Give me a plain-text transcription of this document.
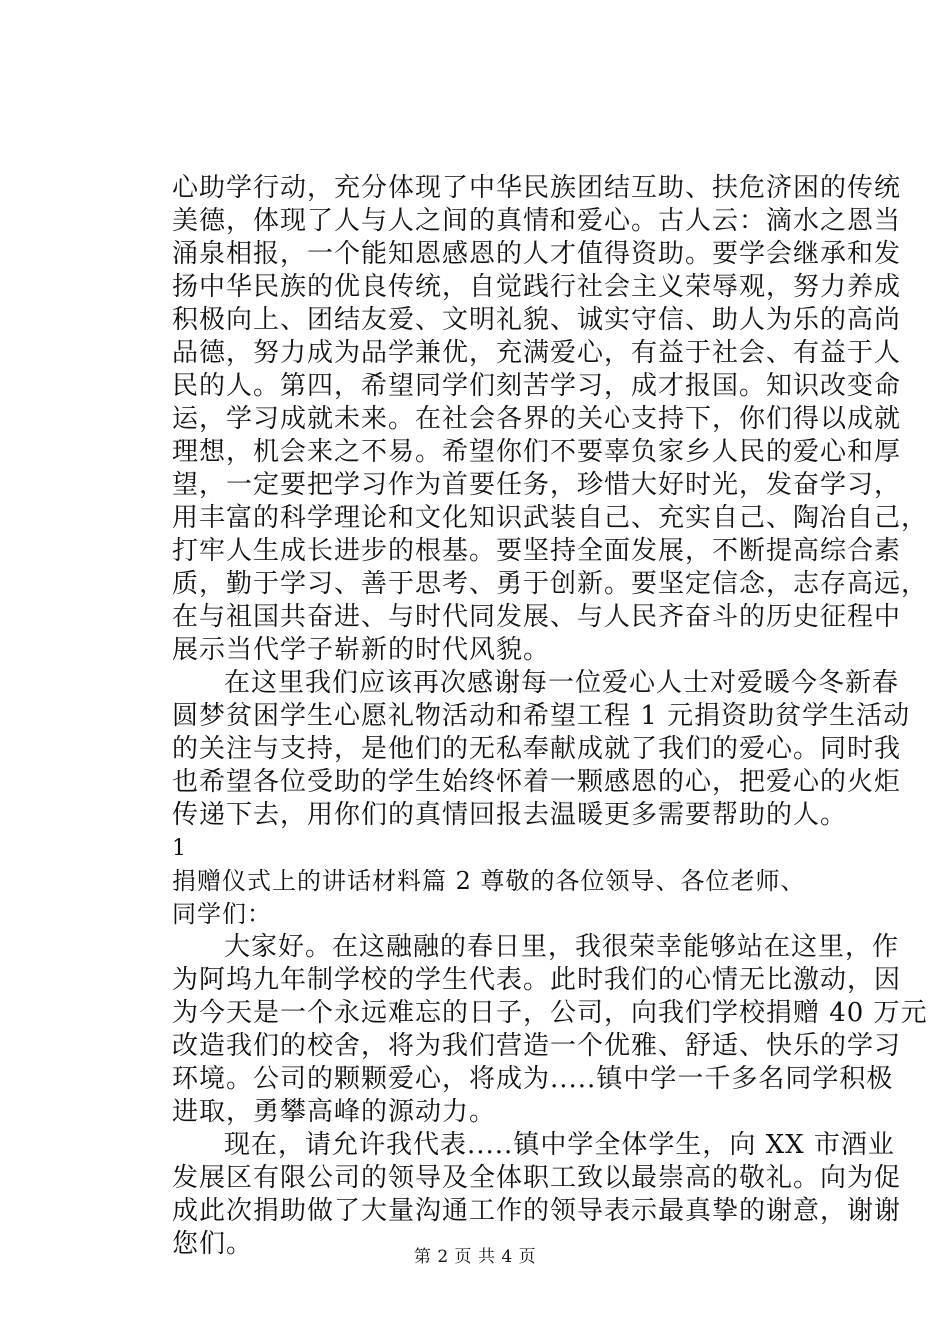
心助学行动，充分体现了中华民族团结互助、扶危济困的传统
美德，体现了人与人之间的真情和爱心。古人云：滴水之恩当
涌泉相报，一个能知恩感恩的人才值得资助。要学会继承和发
扬中华民族的优良传统，自觉践行社会主义荣辱观，努力养成
积极向上、团结友爱、文明礼貌、诚实守信、助人为乐的高尚
品德，努力成为品学兼优，充满爱心，有益于社会、有益于人
民的人。第四，希望同学们刻苦学习，成才报国。知识改变命
运，学习成就未来。在社会各界的关心支持下，你们得以成就
理想，机会来之不易。希望你们不要辜负家乡人民的爱心和厚
望，一定要把学习作为首要任务，珍惜大好时光，发奋学习，
用丰富的科学理论和文化知识武装自己、充实自己、陶冶自己，
打牢人生成长进步的根基。要坚持全面发展，不断提高综合素
质，勤于学习、善于思考、勇于创新。要坚定信念，志存高远，
在与祖国共奋进、与时代同发展、与人民齐奋斗的历史征程中
展示当代学子崭新的时代风貌。
在这里我们应该再次感谢每一位爱心人士对爱暖今冬新春
圆梦贫困学生心愿礼物活动和希望工程 1 元捐资助贫学生活动
的关注与支持，是他们的无私奉献成就了我们的爱心。同时我
也希望各位受助的学生始终怀着一颗感恩的心，把爱心的火炬
传递下去，用你们的真情回报去温暖更多需要帮助的人。
1
捐赠仪式上的讲话材料篇 2 尊敬的各位领导、各位老师、
同学们：
大家好。在这融融的春日里，我很荣幸能够站在这里，作
为阿坞九年制学校的学生代表。此时我们的心情无比激动，因
为今天是一个永远难忘的日子，公司，向我们学校捐赠 40 万元
改造我们的校舍，将为我们营造一个优雅、舒适、快乐的学习
环境。公司的颗颗爱心，将成为.....镇中学一千多名同学积极
进取，勇攀高峰的源动力。
现在，请允许我代表.....镇中学全体学生，向 XX 市酒业
发展区有限公司的领导及全体职工致以最崇高的敬礼。向为促
成此次捐助做了大量沟通工作的领导表示最真挚的谢意，谢谢
您们。	第 2 页 共 4 页
